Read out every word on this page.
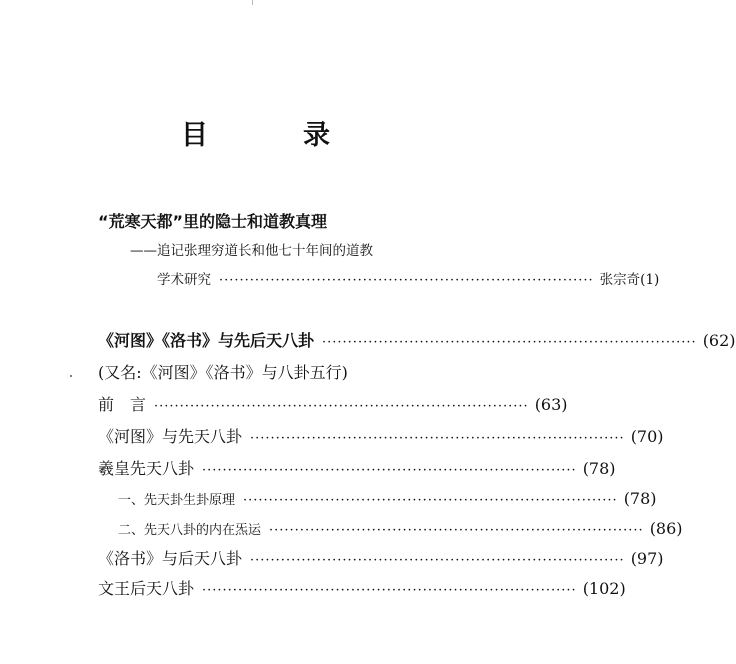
目　录
“荒寒天都”里的隐士和道教真理
——追记张理穷道长和他七十年间的道教
学术研究 ········································································· 张宗奇(1)
《河图》《洛书》与先后天八卦 ········································································· (62)
(又名:《河图》《洛书》与八卦五行)
前　言 ········································································· (63)
《河图》与先天八卦 ········································································· (70)
羲皇先天八卦 ········································································· (78)
一、先天卦生卦原理 ········································································· (78)
二、先天八卦的内在炁运 ········································································· (86)
《洛书》与后天八卦 ········································································· (97)
文王后天八卦 ········································································· (102)
